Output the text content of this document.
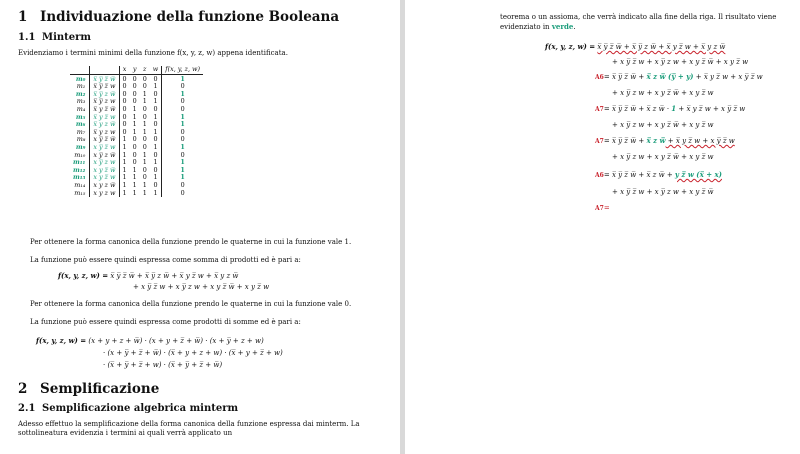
1 Individuazione della funzione Booleana
1.1 Minterm
Evidenziamo i termini minimi della funzione f(x, y, z, w) appena identificata.
		x	y	z	w	f(x, y, z, w)
m₀	x̅ y̅ z̅ w̅	0	0	0	0	1
m₁	x̅ y̅ z̅ w	0	0	0	1	0
m₂	x̅ y̅ z w̅	0	0	1	0	1
m₃	x̅ y̅ z w	0	0	1	1	0
m₄	x̅ y z̅ w̅	0	1	0	0	0
m₅	x̅ y z̅ w	0	1	0	1	1
m₆	x̅ y z w̅	0	1	1	0	1
m₇	x̅ y z w	0	1	1	1	0
m₈	x y̅ z̅ w̅	1	0	0	0	0
m₉	x y̅ z̅ w	1	0	0	1	1
m₁₀	x y̅ z w̅	1	0	1	0	0
m₁₁	x y̅ z w	1	0	1	1	1
m₁₂	x y z̅ w̅	1	1	0	0	1
m₁₃	x y z̅ w	1	1	0	1	1
m₁₄	x y z w̅	1	1	1	0	0
m₁₅	x y z w	1	1	1	1	0
Per ottenere la forma canonica della funzione prendo le quaterne in cui la funzione vale 1.
La funzione può essere quindi espressa come somma di prodotti ed è pari a:
f(x, y, z, w) = x̅ y̅ z̅ w̅ + x̅ y̅ z w̅ + x̅ y z̅ w + x̅ y z w̅
+ x y̅ z̅ w + x y̅ z w + x y z̅ w̅ + x y z̅ w
Per ottenere la forma canonica della funzione prendo le quaterne in cui la funzione vale 0.
La funzione può essere quindi espressa come prodotti di somme ed è pari a:
f(x, y, z, w) = (x + y + z + w̅) · (x + y + z̅ + w̅) · (x + y̅ + z + w)
· (x + y̅ + z̅ + w̅) · (x̅ + y + z + w) · (x̅ + y + z̅ + w)
· (x̅ + y̅ + z̅ + w) · (x̅ + y̅ + z̅ + w̅)
2 Semplificazione
2.1 Semplificazione algebrica minterm
Adesso effettuo la semplificazione della forma canonica della funzione espressa dai minterm. La sottolineatura evidenzia i termini ai quali verrà applicato un
teorema o un assioma, che verrà indicato alla fine della riga. Il risultato viene evidenziato in verde.
f(x, y, z, w) = x̅ y̅ z̅ w̅ + x̅ y̅ z w̅ + x̅ y z̅ w + x̅ y z w̅
+ x y̅ z̅ w + x y̅ z w + x y z̅ w̅ + x y z̅ w
A6= x̅ y̅ z̅ w̅ + x̅ z w̅ (y̅ + y) + x̅ y z̅ w + x y̅ z̅ w
+ x y̅ z w + x y z̅ w̅ + x y z̅ w
A7= x̅ y̅ z̅ w̅ + x̅ z w̅ · 1 + x̅ y z̅ w + x y̅ z̅ w
+ x y̅ z w + x y z̅ w̅ + x y z̅ w
A7= x̅ y̅ z̅ w̅ + x̅ z w̅ + x̅ y z̅ w + x y̅ z̅ w
+ x y̅ z w + x y z̅ w̅ + x y z̅ w
A6= x̅ y̅ z̅ w̅ + x̅ z w̅ + y z̅ w (x̅ + x)
+ x y̅ z̅ w + x y̅ z w + x y z̅ w̅
A7=
